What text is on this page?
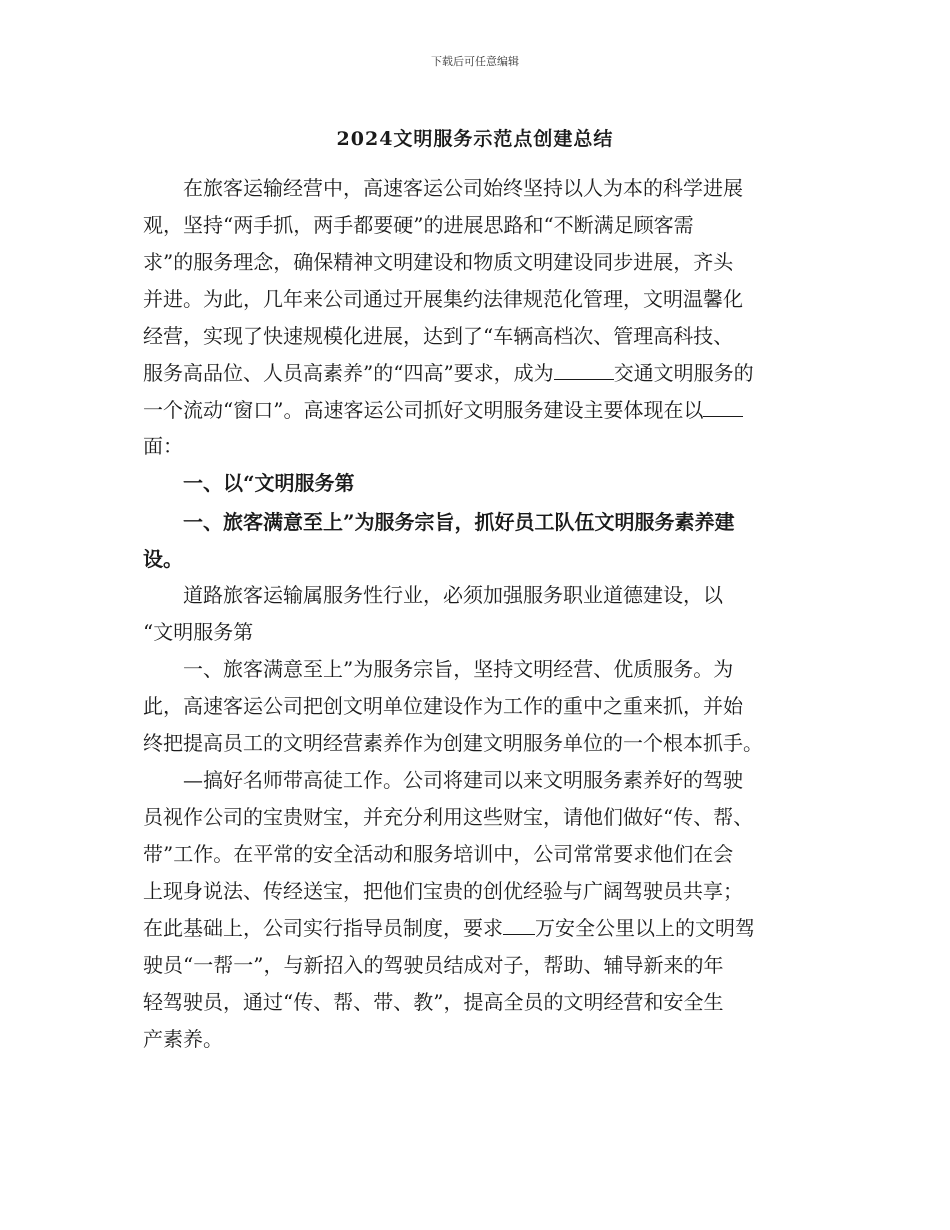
下载后可任意编辑
2024文明服务示范点创建总结
　　在旅客运输经营中，高速客运公司始终坚持以人为本的科学进展
观，坚持“两手抓，两手都要硬”的进展思路和“不断满足顾客需
求”的服务理念，确保精神文明建设和物质文明建设同步进展，齐头
并进。为此，几年来公司通过开展集约法律规范化管理，文明温馨化
经营，实现了快速规模化进展，达到了“车辆高档次、管理高科技、
服务高品位、人员高素养”的“四高”要求，成为	交通文明服务的
一个流动“窗口”。高速客运公司抓好文明服务建设主要体现在以
面：
　　一、以“文明服务第
　　一、旅客满意至上”为服务宗旨，抓好员工队伍文明服务素养建
设。
　　道路旅客运输属服务性行业，必须加强服务职业道德建设，以
“文明服务第
　　一、旅客满意至上”为服务宗旨，坚持文明经营、优质服务。为
此，高速客运公司把创文明单位建设作为工作的重中之重来抓，并始
终把提高员工的文明经营素养作为创建文明服务单位的一个根本抓手。
　　—搞好名师带高徒工作。公司将建司以来文明服务素养好的驾驶
员视作公司的宝贵财宝，并充分利用这些财宝，请他们做好“传、帮、
带”工作。在平常的安全活动和服务培训中，公司常常要求他们在会
上现身说法、传经送宝，把他们宝贵的创优经验与广阔驾驶员共享；
在此基础上，公司实行指导员制度，要求 万安全公里以上的文明驾
驶员“一帮一”，与新招入的驾驶员结成对子，帮助、辅导新来的年
轻驾驶员，通过“传、帮、带、教”，提高全员的文明经营和安全生
产素养。
